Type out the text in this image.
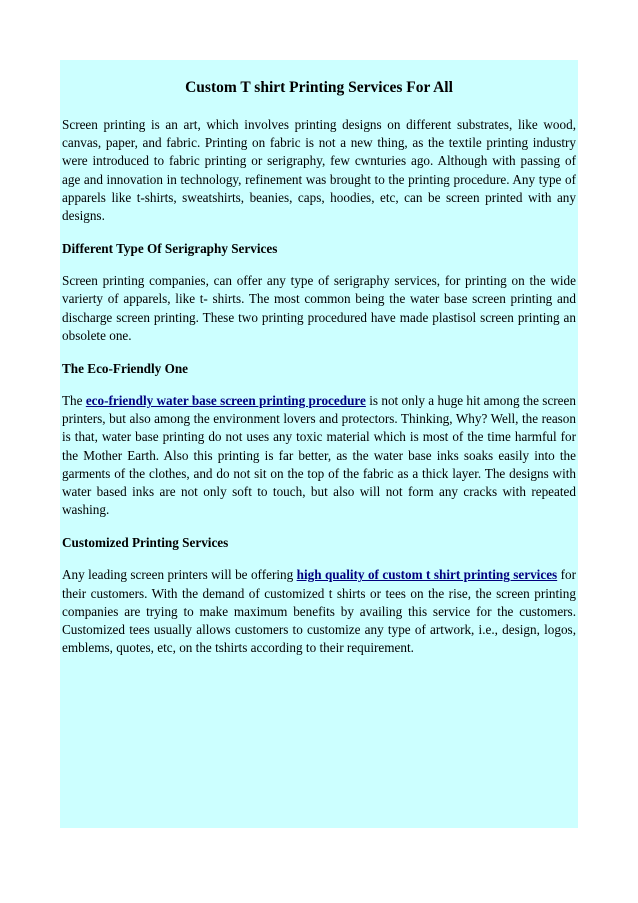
Custom T shirt Printing Services For All

Screen printing is an art, which involves printing designs on different substrates, like wood, canvas, paper, and fabric. Printing on fabric is not a new thing, as the textile printing industry were introduced to fabric printing or serigraphy, few cwnturies ago. Although with passing of age and innovation in technology, refinement was brought to the printing procedure. Any type of apparels like t-shirts, sweatshirts, beanies, caps, hoodies, etc, can be screen printed with any designs.

Different Type Of Serigraphy Services

Screen printing companies, can offer any type of serigraphy services, for printing on the wide varierty of apparels, like t- shirts. The most common being the water base screen printing and discharge screen printing. These two printing procedured have made plastisol screen printing an obsolete one.

The Eco-Friendly One

The eco-friendly water base screen printing procedure is not only a huge hit among the screen printers, but also among the environment lovers and protectors. Thinking, Why? Well, the reason is that, water base printing do not uses any toxic material which is most of the time harmful for the Mother Earth. Also this printing is far better, as the water base inks soaks easily into the garments of the clothes, and do not sit on the top of the fabric as a thick layer. The designs with water based inks are not only soft to touch, but also will not form any cracks with repeated washing.

Customized Printing Services

Any leading screen printers will be offering high quality of custom t shirt printing services for their customers. With the demand of customized t shirts or tees on the rise, the screen printing companies are trying to make maximum benefits by availing this service for the customers. Customized tees usually allows customers to customize any type of artwork, i.e., design, logos, emblems, quotes, etc, on the tshirts according to their requirement.
